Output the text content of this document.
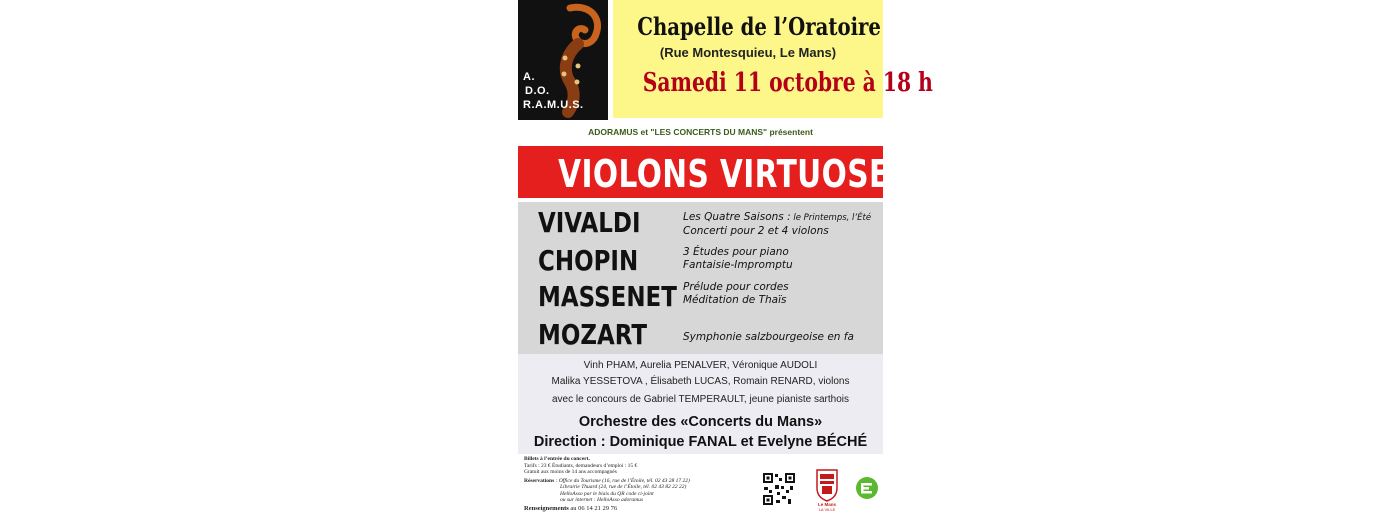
A.
D.O.
R.A.M.U.S.
Chapelle de l’Oratoire
(Rue Montesquieu, Le Mans)
Samedi 11 octobre à 18 h
ADORAMUS et "LES CONCERTS DU MANS" présentent
VIOLONS VIRTUOSES
VIVALDI	Les Quatre Saisons : le Printemps, l’Été
Concerti pour 2 et 4 violons
CHOPIN	3 Études pour piano
Fantaisie-Impromptu
MASSENET Prélude pour cordes
Méditation de Thaïs
MOZART	Symphonie salzbourgeoise en fa
Vinh PHAM, Aurelia PENALVER, Véronique AUDOLI
Malika YESSETOVA , Élisabeth LUCAS, Romain RENARD, violons
avec le concours de Gabriel TEMPERAULT, jeune pianiste sarthois
Orchestre des «Concerts du Mans»
Direction : Dominique FANAL et Evelyne BÉCHÉ
Billets à l’entrée du concert.
Tarifs : 23 € Étudiants, demandeurs d’emploi : 15 €
Gratuit aux moins de 14 ans accompagnés
Réservations : Office du Tourisme (16, rue de l’Étoile, tél. 02 43 28 17 22)
Librairie Thuard (24, rue de l’Étoile, tél. 02 43 82 22 22)
HelloAsso par le biais du QR code ci-joint
ou sur internet : HelloAsso adoramus
Renseignements au 06 14 21 29 76
Le Mans
LA VILLE
